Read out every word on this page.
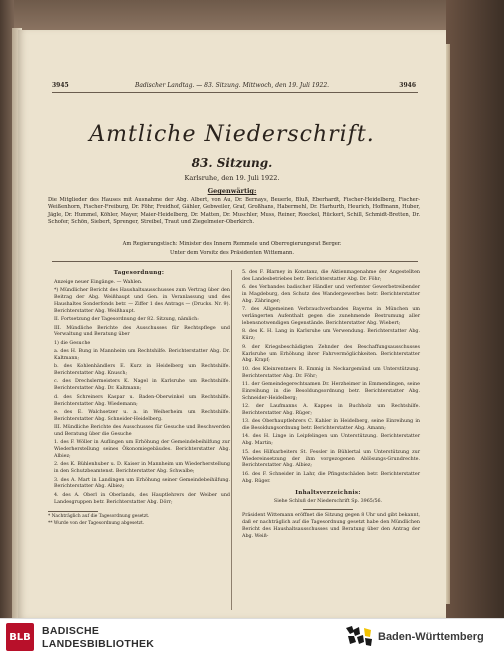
3945	Badischer Landtag. — 83. Sitzung. Mittwoch, den 19. Juli 1922.	3946
Amtliche Niederschrift.
83. Sitzung.
Karlsruhe, den 19. Juli 1922.
Gegenwärtig:
Die Mitglieder des Hauses mit Ausnahme der Abg. Albert, von Au, Dr. Bernays, Beuerle, Bluß, Eberhardt, Fischer-Heidelberg, Fischer-Weißenhorn, Fischer-Freiburg, Dr. Föhr, Freidhof, Gähler, Gebweiler, Graf, Großhans, Habermehl, Dr. Harhurth, Heurich, Hoffmann, Huber, Jägle, Dr. Hummel, Köhler, Mayer, Maier-Heidelberg, Dr. Matten, Dr. Muschler, Muss, Reiner, Roeckel, Rückert, Schill, Schmidt-Bretten, Dr. Schofer, Schön, Siebert, Sprenger, Streibel, Traut und Ziegelmeier-Oberkirch.
Am Regierungstisch: Minister des Innern Remmele und Oberregierungsrat Berger.
Unter dem Vorsitz des Präsidenten Wittemann.
Tagesordnung:

Anzeige neuer Eingänge. — Wahlen.

*) Mündlicher Bericht des Haushaltsausschusses zum Vertrag über den Beitrag der Abg. Weißhaupt und Gen. in Veranlassung und des Haushaltes Sonderfonds betr. — Ziffer 1 des Antrags — (Drucks. Nr. 9). Berichterstatter Abg. Weißhaupt.

II. Fortsetzung der Tagesordnung der 82. Sitzung, nämlich:

III. Mündliche Berichte des Ausschusses für Rechtspflege und Verwaltung und Beratung über

1) die Gesuche

a. des H. Bung in Mannheim um Rechtshilfe. Berichterstatter Abg. Dr. Kaltmann;

b. des Kohlenhändlers E. Kurz in Heidelberg um Rechtshilfe. Berichterstatter Abg. Knusch;

c. des Drechslermeisters K. Nagel in Karlsruhe um Rechtshilfe. Berichterstatter Abg. Dr. Kaltmann;

d. des Schreiners Kaspar u. Baden-Oberwinkel um Rechtshilfe. Berichterstatter Abg. Wiedemann;

e. des E. Walchsetzer u. a. in Weiherheim um Rechtshilfe. Berichterstatter Abg. Schneider-Heidelberg.

III. Mündliche Berichte des Ausschusses für Gesuche und Beschwerden und Beratung über die Gesuche

1. des F. Wöller in Auflingen um Erhöhung der Gemeindebeihilfung zur Wiederherstellung seines Ökonomiegebäudes. Berichterstatter Abg. Albiez;

2. des K. Bühlenhuber u. D. Kaiser in Mannheim um Wiederherstellung in den Schutzbeamtenst. Berichterstatter Abg. Schwalbe;

3. des A. Mart in Landingen um Erhöhung seiner Gemeindebeihilfung. Berichterstatter Abg. Albiez;

4. des A. Oberl in Oberlands, des Hauptlehrers der Weiber und Landesgruppen betr. Berichterstatter Abg. Dörr;

* Nachträglich auf die Tagesordnung gesetzt.

** Wurde von der Tagesordnung abgesetzt.

5. des F. Blarney in Konstanz, die Aktienmagenahme der Angestellten des Landesbetriebes betr. Berichterstatter Abg. Dr. Föhr;

6. des Verbandes badischer Händler und verfemter Gewerbetreibender in Magdeburg, den Schutz des Wandergewerbes betr. Berichterstatter Abg. Zähringer;

7. des Allgemeinen Verbrauchverbandes Bayerns in München um verlängerten Aufenthalt gegen die zunehmende Bestrumung aller lebensnotwendigen Gegenstände. Berichterstatter Abg. Wiebert;

8. des K. H. Lang in Karlsruhe um Verwendung. Berichterstatter Abg. Kürz;

9. der Kriegsbeschädigten Zehnder des Beschaffungsausschusses Karlsruhe um Erhöhung ihrer Fahrvermöglichkeiten. Berichterstatter Abg. Krapf;

10. des Kleinrentners R. Emmig in Neckargemünd um Unterstützung. Berichterstatter Abg. Dr. Föhr;

11. der Gemeindegerechtsamen Dr. Herzheimer in Emmendingen, seine Einreihung in die Besoldungsordnung betr. Berichterstatter Abg. Schneider-Heidelberg;

12. der Laufmanns A. Kappes in Buchholz um Rechtshilfe. Berichterstatter Abg. Rüger;

13. des Oberhauptlehrers C. Kahler in Heidelberg, seine Einreihung in die Besoldungsordnung betr. Berichterstatter Abg. Amann;

14. des H. Linge in Leipfelingen um Unterstützung. Berichterstatter Abg. Martin;

15. des Hilfsarbeiters St. Fessler in Bühlertal um Unterstützung zur Wiedereinsetzung der ihm vorgezogenen Ablösungs-Grundrechte. Berichterstatter Abg. Albiez;

16. des F. Schneider in Lahr, die Pfingstschäden betr. Berichterstatter Abg. Rüger.

Inhaltsverzeichnis:

Siehe Schluß der Niederschrift Sp. 3965/56.

Präsident Wittemann eröffnet die Sitzung gegen 8 Uhr und gibt bekannt, daß er nachträglich auf die Tagesordnung gesetzt habe den Mündlichen Bericht des Haushaltsausschusses und Beratung über den Antrag der Abg. Weiß-

BLB	BADISCHE
LANDESBIBLIOTHEK
Baden-Württemberg
